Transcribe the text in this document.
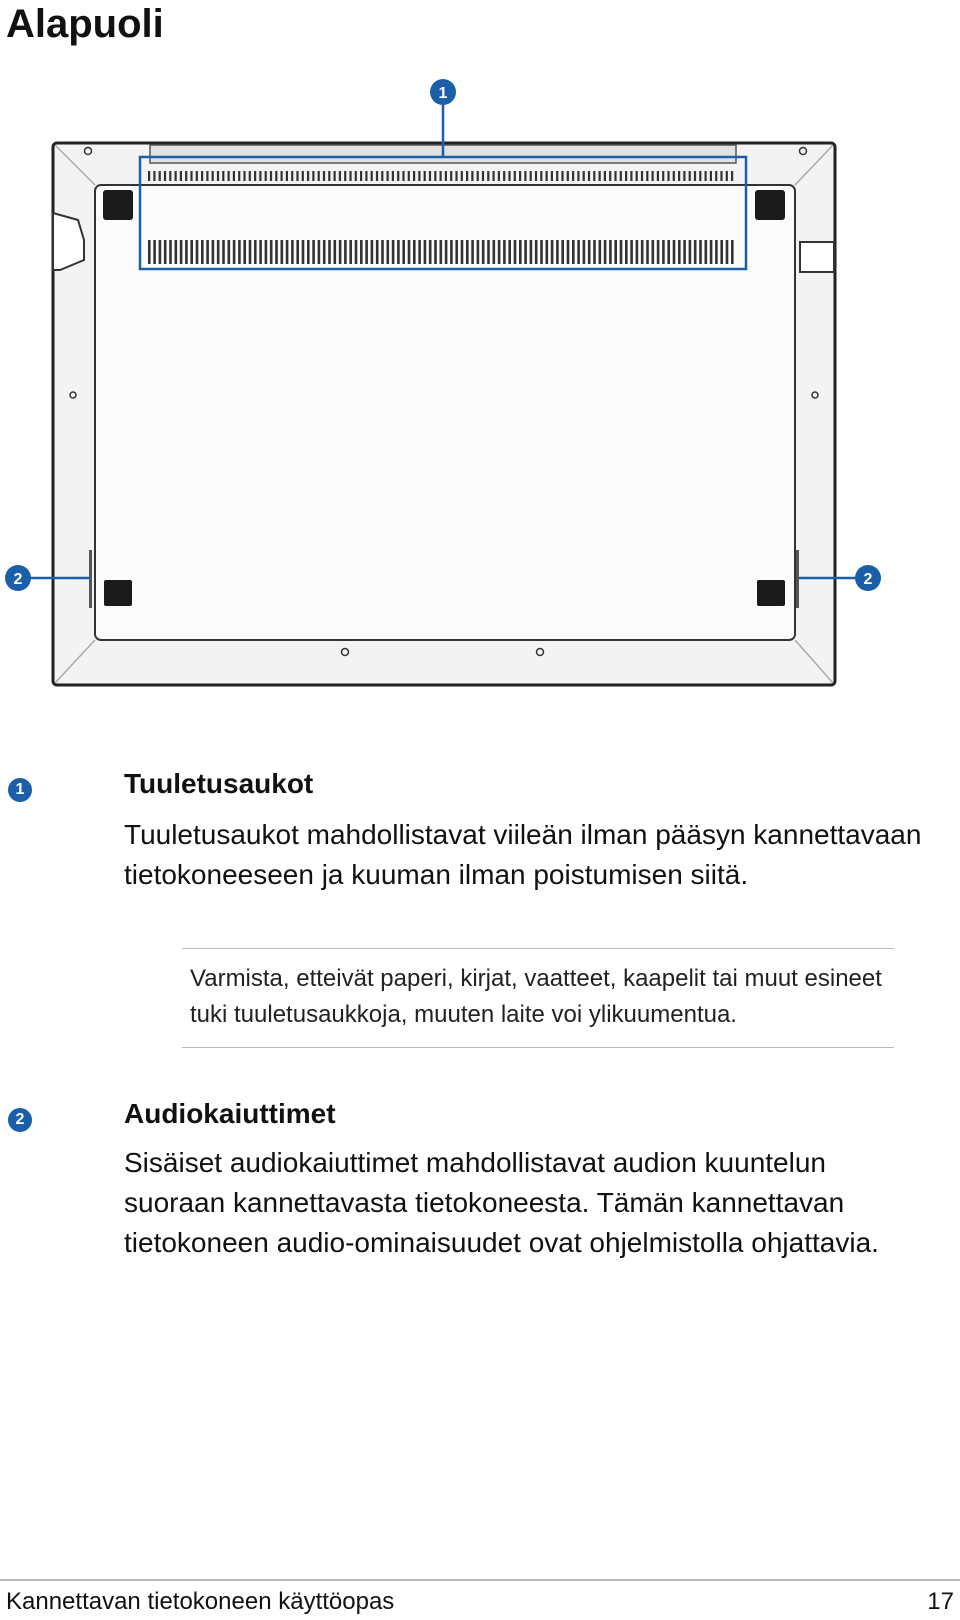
Alapuoli
1
2	2
1	Tuuletusaukot

Tuuletusaukot mahdollistavat viileän ilman pääsyn kannettavaan tietokoneeseen ja kuuman ilman poistumisen siitä.

Varmista, etteivät paperi, kirjat, vaatteet, kaapelit tai muut esineet tuki tuuletusaukkoja, muuten laite voi ylikuumentua.

2	Audiokaiuttimet

Sisäiset audiokaiuttimet mahdollistavat audion kuuntelun suoraan kannettavasta tietokoneesta. Tämän kannettavan tietokoneen audio-ominaisuudet ovat ohjelmistolla ohjattavia.

Kannettavan tietokoneen käyttöopas	17
